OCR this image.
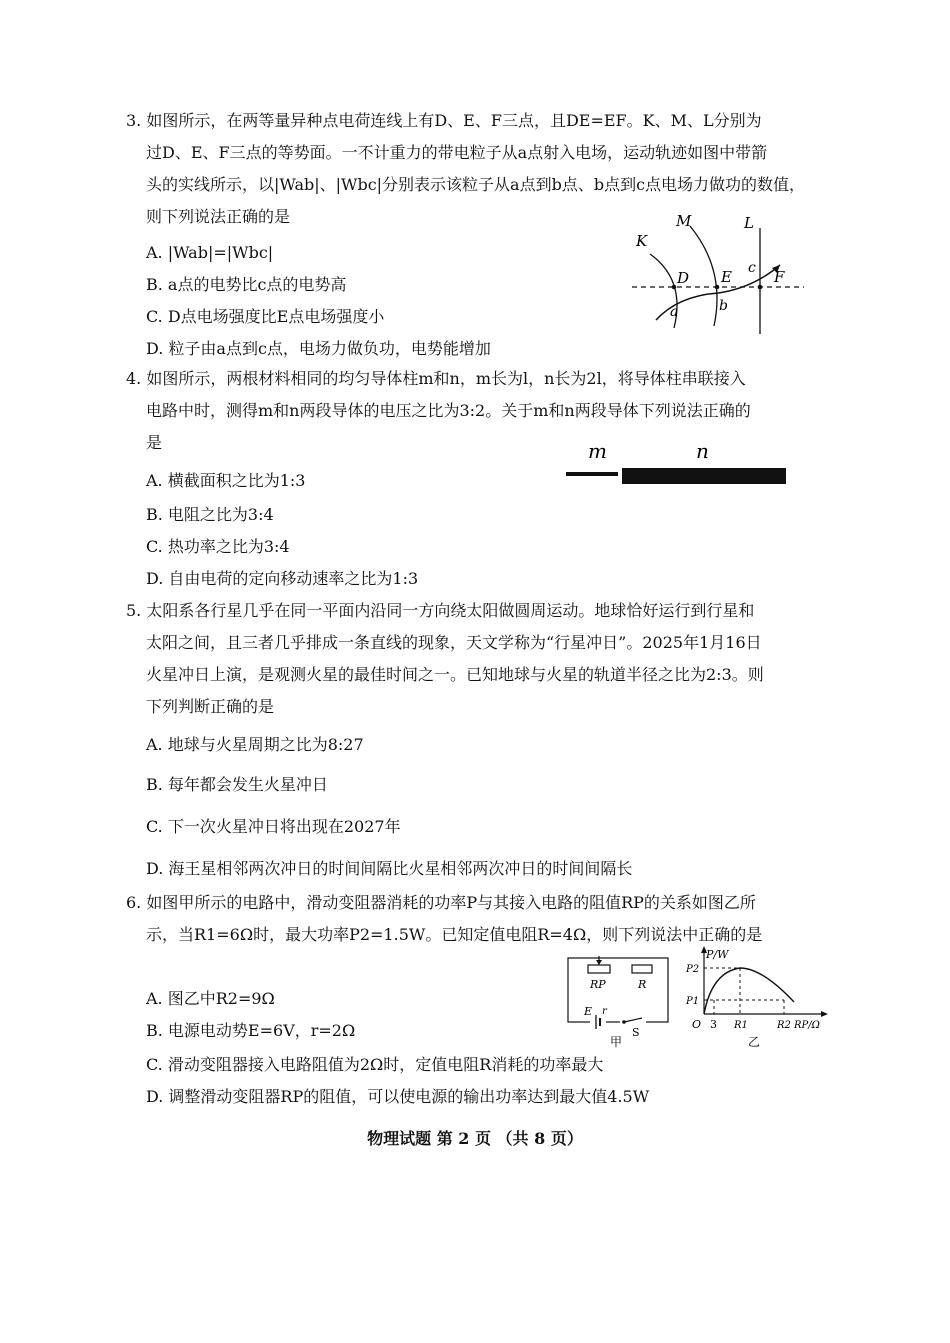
3. 如图所示，在两等量异种点电荷连线上有D、E、F三点，且DE=EF。K、M、L分别为
过D、E、F三点的等势面。一不计重力的带电粒子从a点射入电场，运动轨迹如图中带箭
头的实线所示，以|Wab|、|Wbc|分别表示该粒子从a点到b点、b点到c点电场力做功的数值，
则下列说法正确的是
A. |Wab|=|Wbc|
B. a点的电势比c点的电势高
C. D点电场强度比E点电场强度小
D. 粒子由a点到c点，电场力做负功，电势能增加
K
M	L
D E	F
a	b
c
4. 如图所示，两根材料相同的均匀导体柱m和n，m长为l，n长为2l，将导体柱串联接入
电路中时，测得m和n两段导体的电压之比为3:2。关于m和n两段导体下列说法正确的
是
A. 横截面积之比为1:3
B. 电阻之比为3:4
C. 热功率之比为3:4
D. 自由电荷的定向移动速率之比为1:3
m	n
5. 太阳系各行星几乎在同一平面内沿同一方向绕太阳做圆周运动。地球恰好运行到行星和
太阳之间，且三者几乎排成一条直线的现象，天文学称为“行星冲日”。2025年1月16日
火星冲日上演，是观测火星的最佳时间之一。已知地球与火星的轨道半径之比为2:3。则
下列判断正确的是
A. 地球与火星周期之比为8:27
B. 每年都会发生火星冲日
C. 下一次火星冲日将出现在2027年
D. 海王星相邻两次冲日的时间间隔比火星相邻两次冲日的时间间隔长
6. 如图甲所示的电路中，滑动变阻器消耗的功率P与其接入电路的阻值RP的关系如图乙所
示，当R1=6Ω时，最大功率P2=1.5W。已知定值电阻R=4Ω，则下列说法中正确的是
A. 图乙中R2=9Ω
B. 电源电动势E=6V，r=2Ω
C. 滑动变阻器接入电路阻值为2Ω时，定值电阻R消耗的功率最大
D. 调整滑动变阻器RP的阻值，可以使电源的输出功率达到最大值4.5W
RP	R
E r
S
甲
P/W
P2
P1
O 3 R1	R2 RP/Ω
乙
物理试题 第 2 页 （共 8 页）
